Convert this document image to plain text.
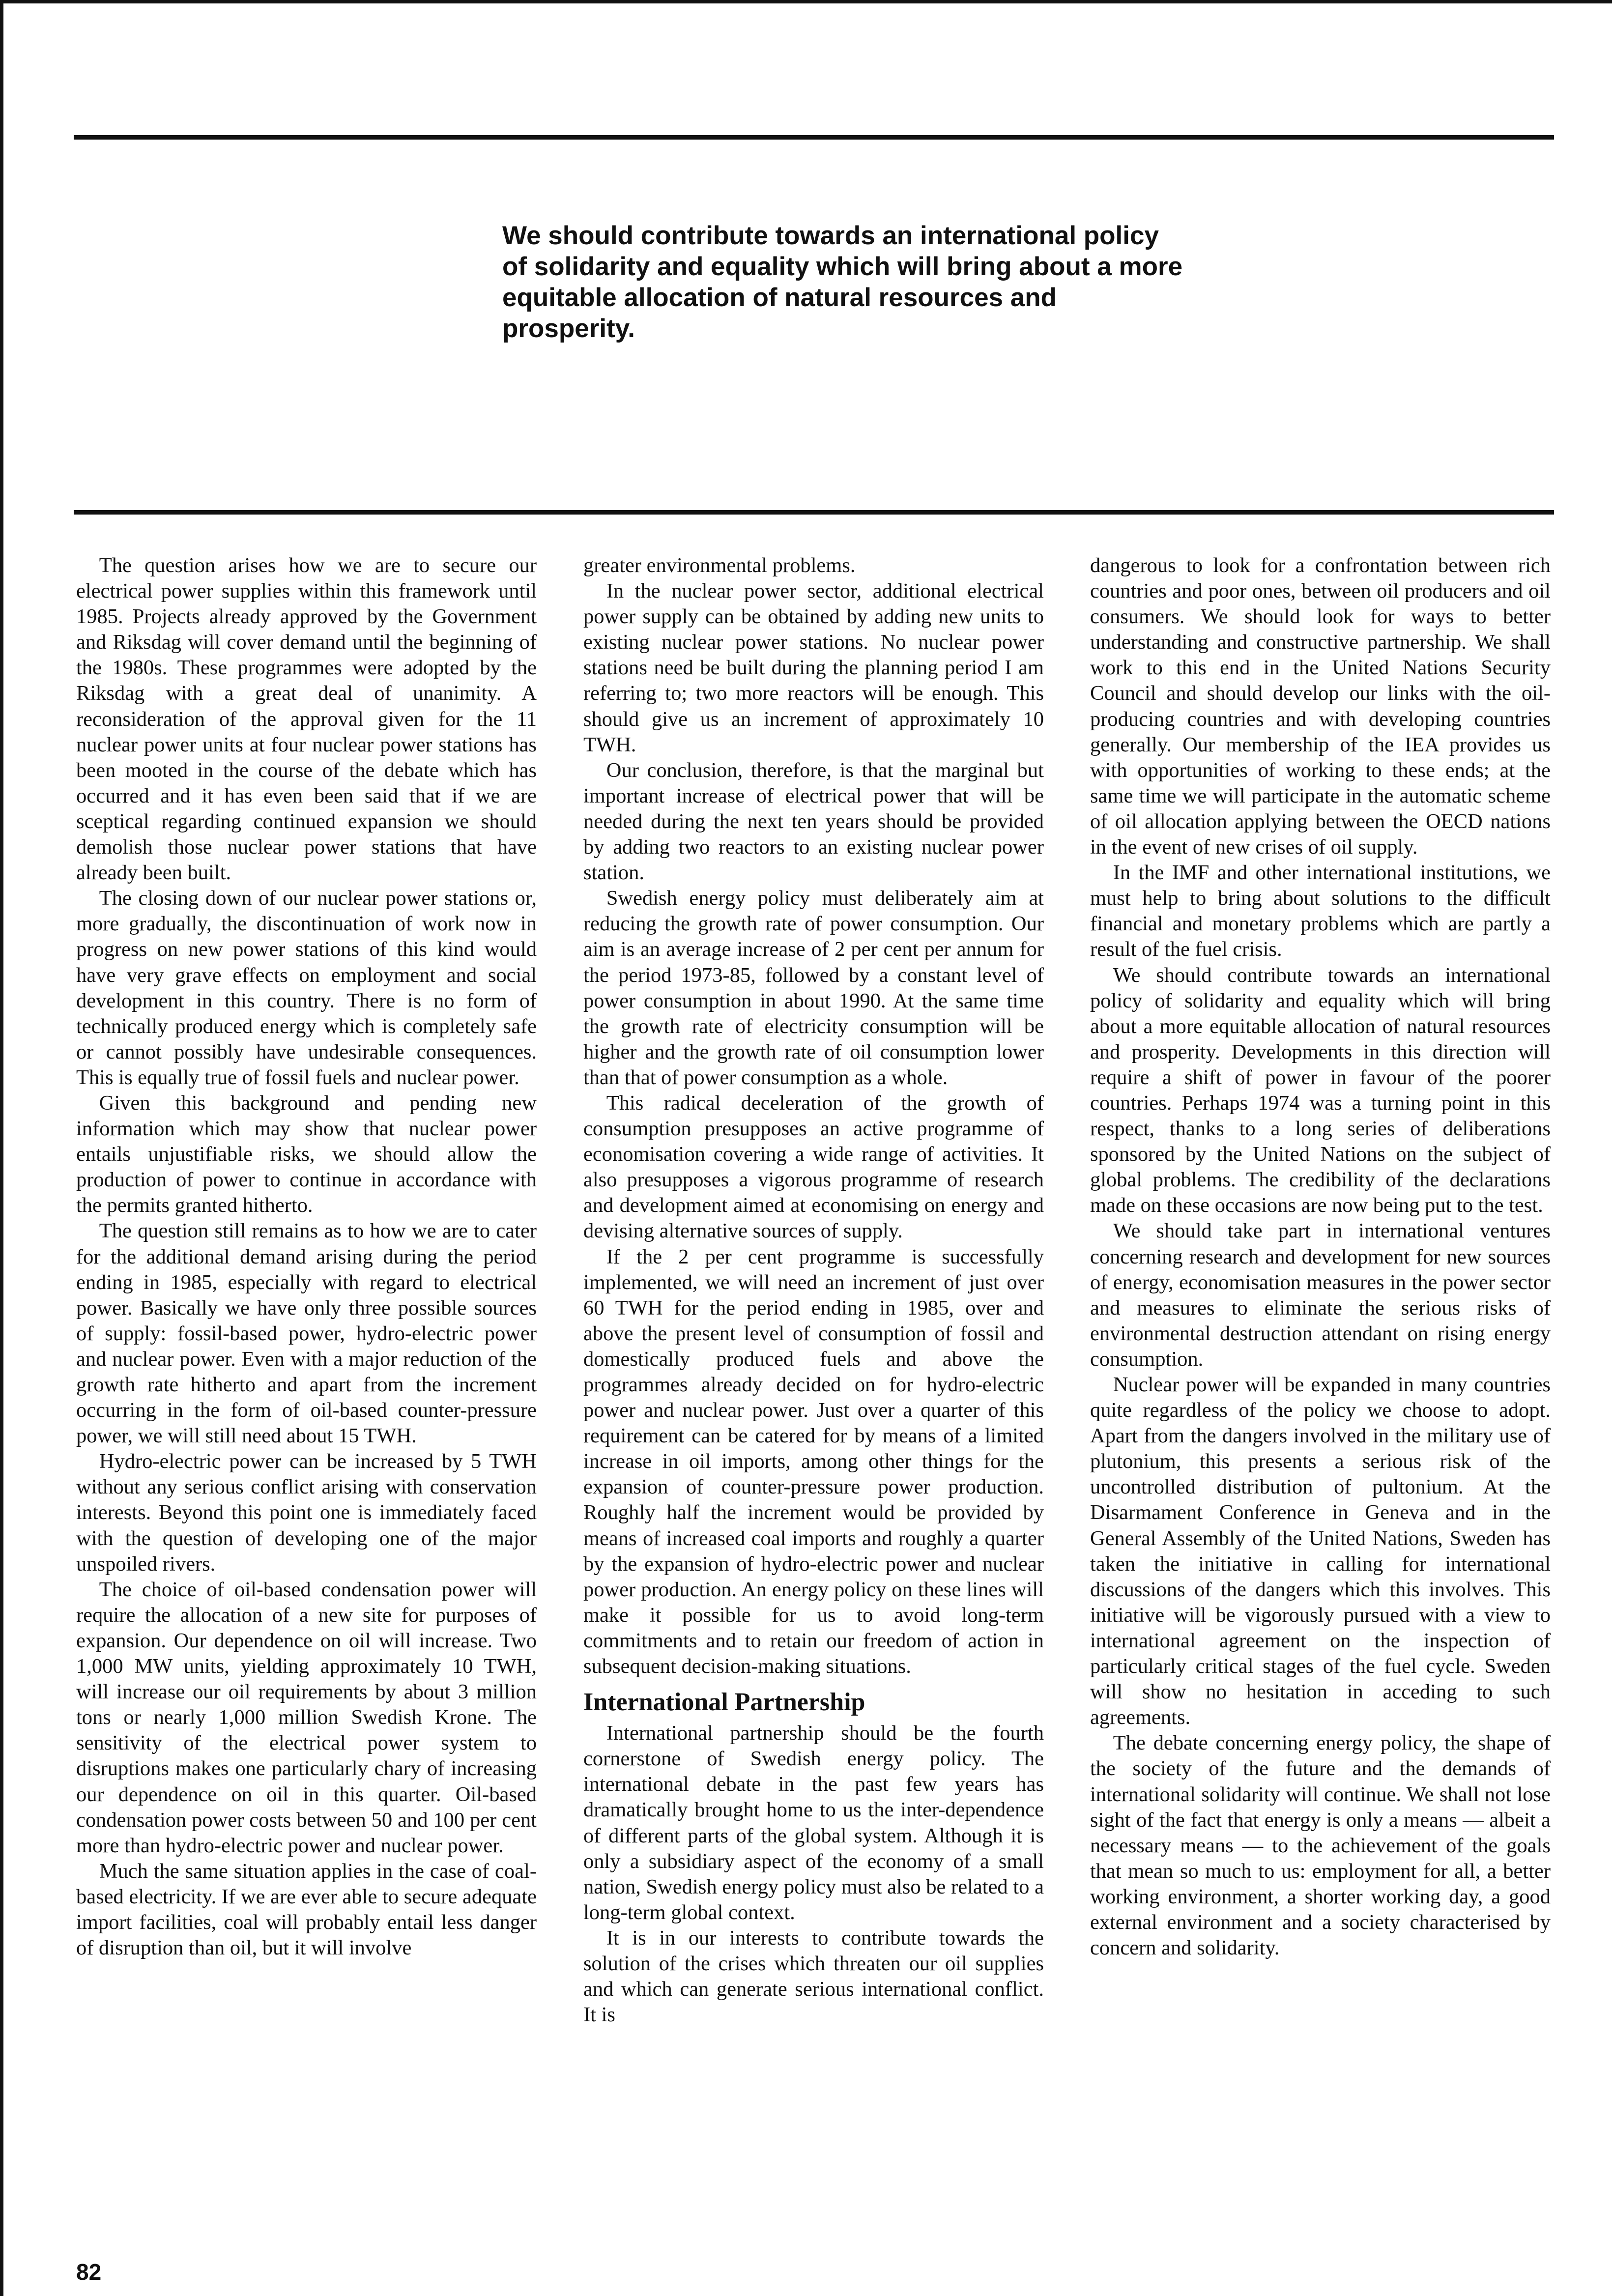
We should contribute towards an international policy of solidarity and equality which will bring about a more equitable allocation of natural resources and prosperity.

The question arises how we are to secure our electrical power supplies within this framework until 1985. Projects already approved by the Government and Riksdag will cover demand until the beginning of the 1980s. These programmes were adopted by the Riksdag with a great deal of unanimity. A reconsideration of the approval given for the 11 nuclear power units at four nuclear power stations has been mooted in the course of the debate which has occurred and it has even been said that if we are sceptical regarding continued expansion we should demolish those nuclear power stations that have already been built.

The closing down of our nuclear power stations or, more gradually, the discontinuation of work now in progress on new power stations of this kind would have very grave effects on employment and social development in this country. There is no form of technically produced energy which is completely safe or cannot possibly have undesirable consequences. This is equally true of fossil fuels and nuclear power.

Given this background and pending new information which may show that nuclear power entails unjustifiable risks, we should allow the production of power to continue in accordance with the permits granted hitherto.

The question still remains as to how we are to cater for the additional demand arising during the period ending in 1985, especially with regard to electrical power. Basically we have only three possible sources of supply: fossil-based power, hydro-electric power and nuclear power. Even with a major reduction of the growth rate hitherto and apart from the increment occurring in the form of oil-based counter-pressure power, we will still need about 15 TWH.

Hydro-electric power can be increased by 5 TWH without any serious conflict arising with conservation interests. Beyond this point one is immediately faced with the question of developing one of the major unspoiled rivers.

The choice of oil-based condensation power will require the allocation of a new site for purposes of expansion. Our dependence on oil will increase. Two 1,000 MW units, yielding approximately 10 TWH, will increase our oil requirements by about 3 million tons or nearly 1,000 million Swedish Krone. The sensitivity of the electrical power system to disruptions makes one particularly chary of increasing our dependence on oil in this quarter. Oil-based condensation power costs between 50 and 100 per cent more than hydro-electric power and nuclear power.

Much the same situation applies in the case of coal-based electricity. If we are ever able to secure adequate import facilities, coal will probably entail less danger of disruption than oil, but it will involve

greater environmental problems.

In the nuclear power sector, additional electrical power supply can be obtained by adding new units to existing nuclear power stations. No nuclear power stations need be built during the planning period I am referring to; two more reactors will be enough. This should give us an increment of approximately 10 TWH.

Our conclusion, therefore, is that the marginal but important increase of electrical power that will be needed during the next ten years should be provided by adding two reactors to an existing nuclear power station.

Swedish energy policy must deliberately aim at reducing the growth rate of power consumption. Our aim is an average increase of 2 per cent per annum for the period 1973-85, followed by a constant level of power consumption in about 1990. At the same time the growth rate of electricity consumption will be higher and the growth rate of oil consumption lower than that of power consumption as a whole.

This radical deceleration of the growth of consumption presupposes an active programme of economisation covering a wide range of activities. It also presupposes a vigorous programme of research and development aimed at economising on energy and devising alternative sources of supply.

If the 2 per cent programme is successfully implemented, we will need an increment of just over 60 TWH for the period ending in 1985, over and above the present level of consumption of fossil and domestically produced fuels and above the programmes already decided on for hydro-electric power and nuclear power. Just over a quarter of this requirement can be catered for by means of a limited increase in oil imports, among other things for the expansion of counter-pressure power production. Roughly half the increment would be provided by means of increased coal imports and roughly a quarter by the expansion of hydro-electric power and nuclear power production. An energy policy on these lines will make it possible for us to avoid long-term commitments and to retain our freedom of action in subsequent decision-making situations.

International Partnership

International partnership should be the fourth cornerstone of Swedish energy policy. The international debate in the past few years has dramatically brought home to us the inter-dependence of different parts of the global system. Although it is only a subsidiary aspect of the economy of a small nation, Swedish energy policy must also be related to a long-term global context.

It is in our interests to contribute towards the solution of the crises which threaten our oil supplies and which can generate serious international conflict. It is

dangerous to look for a confrontation between rich countries and poor ones, between oil producers and oil consumers. We should look for ways to better understanding and constructive partnership. We shall work to this end in the United Nations Security Council and should develop our links with the oil-producing countries and with developing countries generally. Our membership of the IEA provides us with opportunities of working to these ends; at the same time we will participate in the automatic scheme of oil allocation applying between the OECD nations in the event of new crises of oil supply.

In the IMF and other international institutions, we must help to bring about solutions to the difficult financial and monetary problems which are partly a result of the fuel crisis.

We should contribute towards an international policy of solidarity and equality which will bring about a more equitable allocation of natural resources and prosperity. Developments in this direction will require a shift of power in favour of the poorer countries. Perhaps 1974 was a turning point in this respect, thanks to a long series of deliberations sponsored by the United Nations on the subject of global problems. The credibility of the declarations made on these occasions are now being put to the test.

We should take part in international ventures concerning research and development for new sources of energy, economisation measures in the power sector and measures to eliminate the serious risks of environmental destruction attendant on rising energy consumption.

Nuclear power will be expanded in many countries quite regardless of the policy we choose to adopt. Apart from the dangers involved in the military use of plutonium, this presents a serious risk of the uncontrolled distribution of pultonium. At the Disarmament Conference in Geneva and in the General Assembly of the United Nations, Sweden has taken the initiative in calling for international discussions of the dangers which this involves. This initiative will be vigorously pursued with a view to international agreement on the inspection of particularly critical stages of the fuel cycle. Sweden will show no hesitation in acceding to such agreements.

The debate concerning energy policy, the shape of the society of the future and the demands of international solidarity will continue. We shall not lose sight of the fact that energy is only a means — albeit a necessary means — to the achievement of the goals that mean so much to us: employment for all, a better working environment, a shorter working day, a good external environment and a society characterised by concern and solidarity.

82
